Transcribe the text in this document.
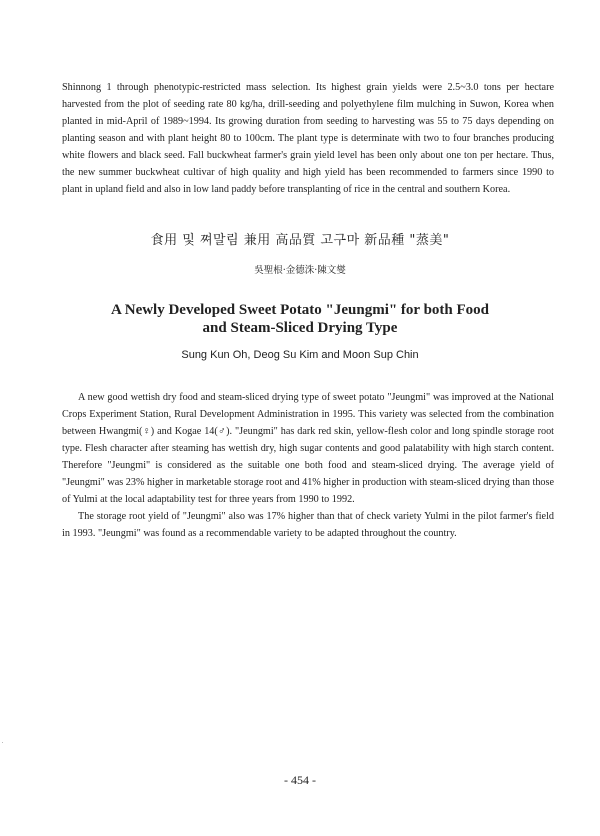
Shinnong 1 through phenotypic-restricted mass selection. Its highest grain yields were 2.5~3.0 tons per hectare harvested from the plot of seeding rate 80 kg/ha, drill-seeding and polyethylene film mulching in Suwon, Korea when planted in mid-April of 1989~1994. Its growing duration from seeding to harvesting was 55 to 75 days depending on planting season and with plant height 80 to 100cm. The plant type is determinate with two to four branches producing white flowers and black seed. Fall buckwheat farmer's grain yield level has been only about one ton per hectare. Thus, the new summer buckwheat cultivar of high quality and high yield has been recommended to farmers since 1990 to plant in upland field and also in low land paddy before transplanting of rice in the central and southern Korea.

食用 및 쪄말림 兼用 高品質 고구마 新品種 "蒸美"
吳聖根·金德洙·陳文燮
A Newly Developed Sweet Potato "Jeungmi" for both Food
and Steam-Sliced Drying Type
Sung Kun Oh, Deog Su Kim and Moon Sup Chin

A new good wettish dry food and steam-sliced drying type of sweet potato "Jeungmi" was improved at the National Crops Experiment Station, Rural Development Administration in 1995. This variety was selected from the combination between Hwangmi(♀) and Kogae 14(♂). "Jeungmi" has dark red skin, yellow-flesh color and long spindle storage root type. Flesh character after steaming has wettish dry, high sugar contents and good palatability with high starch content. Therefore "Jeungmi" is considered as the suitable one both food and steam-sliced drying. The average yield of "Jeungmi" was 23% higher in marketable storage root and 41% higher in production with steam-sliced drying than those of Yulmi at the local adaptability test for three years from 1990 to 1992.

The storage root yield of "Jeungmi" also was 17% higher than that of check variety Yulmi in the pilot farmer's field in 1993. "Jeungmi" was found as a recommendable variety to be adapted throughout the country.

- 454 -
